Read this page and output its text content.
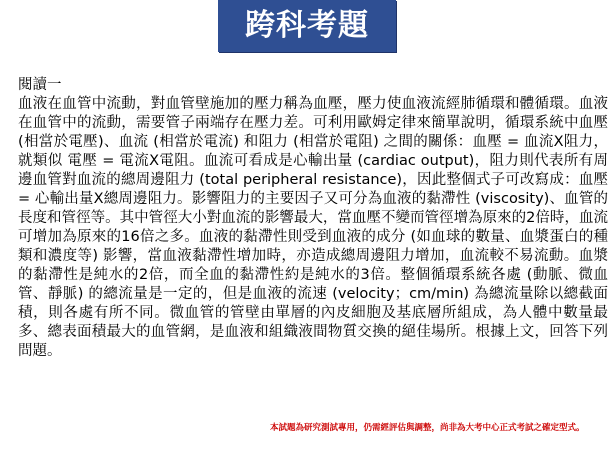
跨科考題
閱讀一

血液在血管中流動，對血管壁施加的壓力稱為血壓，壓力使血液流經肺循環和體循環。血液在血管中的流動，需要管子兩端存在壓力差。可利用歐姆定律來簡單說明，循環系統中血壓 (相當於電壓)、血流 (相當於電流) 和阻力 (相當於電阻) 之間的關係：血壓 = 血流X阻力，就類似 電壓 = 電流X電阻。血流可看成是心輸出量 (cardiac output)，阻力則代表所有周邊血管對血流的總周邊阻力 (total peripheral resistance)，因此整個式子可改寫成：血壓 = 心輸出量X總周邊阻力。影響阻力的主要因子又可分為血液的黏滯性 (viscosity)、血管的長度和管徑等。其中管徑大小對血流的影響最大，當血壓不變而管徑增為原來的2倍時，血流可增加為原來的16倍之多。血液的黏滯性則受到血液的成分 (如血球的數量、血漿蛋白的種類和濃度等) 影響，當血液黏滯性增加時，亦造成總周邊阻力增加，血流較不易流動。血漿的黏滯性是純水的2倍，而全血的黏滯性約是純水的3倍。整個循環系統各處 (動脈、微血管、靜脈) 的總流量是一定的，但是血液的流速 (velocity；cm/min) 為總流量除以總截面積，則各處有所不同。微血管的管壁由單層的內皮細胞及基底層所組成，為人體中數量最多、總表面積最大的血管網，是血液和組織液間物質交換的絕佳場所。根據上文，回答下列問題。

本試題為研究測試專用，仍需經評估與調整，尚非為大考中心正式考試之確定型式。
